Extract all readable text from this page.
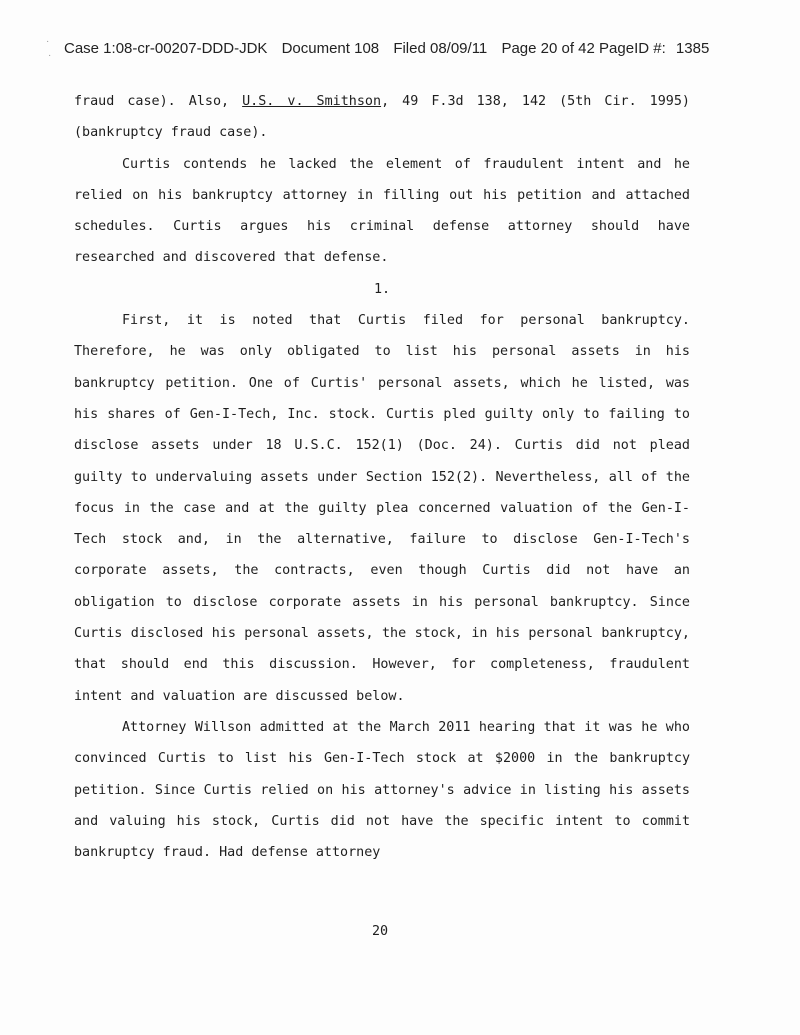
Case 1:08-cr-00207-DDD-JDK Document 108 Filed 08/09/11 Page 20 of 42 PageID #: 1385
·
·

fraud case). Also, U.S. v. Smithson, 49 F.3d 138, 142 (5th Cir. 1995)(bankruptcy fraud case).

Curtis contends he lacked the element of fraudulent intent and he relied on his bankruptcy attorney in filling out his petition and attached schedules. Curtis argues his criminal defense attorney should have researched and discovered that defense.

1.

First, it is noted that Curtis filed for personal bankruptcy. Therefore, he was only obligated to list his personal assets in his bankruptcy petition. One of Curtis' personal assets, which he listed, was his shares of Gen-I-Tech, Inc. stock. Curtis pled guilty only to failing to disclose assets under 18 U.S.C. 152(1) (Doc. 24). Curtis did not plead guilty to undervaluing assets under Section 152(2). Nevertheless, all of the focus in the case and at the guilty plea concerned valuation of the Gen-I-Tech stock and, in the alternative, failure to disclose Gen-I-Tech's corporate assets, the contracts, even though Curtis did not have an obligation to disclose corporate assets in his personal bankruptcy. Since Curtis disclosed his personal assets, the stock, in his personal bankruptcy, that should end this discussion. However, for completeness, fraudulent intent and valuation are discussed below.

Attorney Willson admitted at the March 2011 hearing that it was he who convinced Curtis to list his Gen-I-Tech stock at $2000 in the bankruptcy petition. Since Curtis relied on his attorney's advice in listing his assets and valuing his stock, Curtis did not have the specific intent to commit bankruptcy fraud. Had defense attorney

20
